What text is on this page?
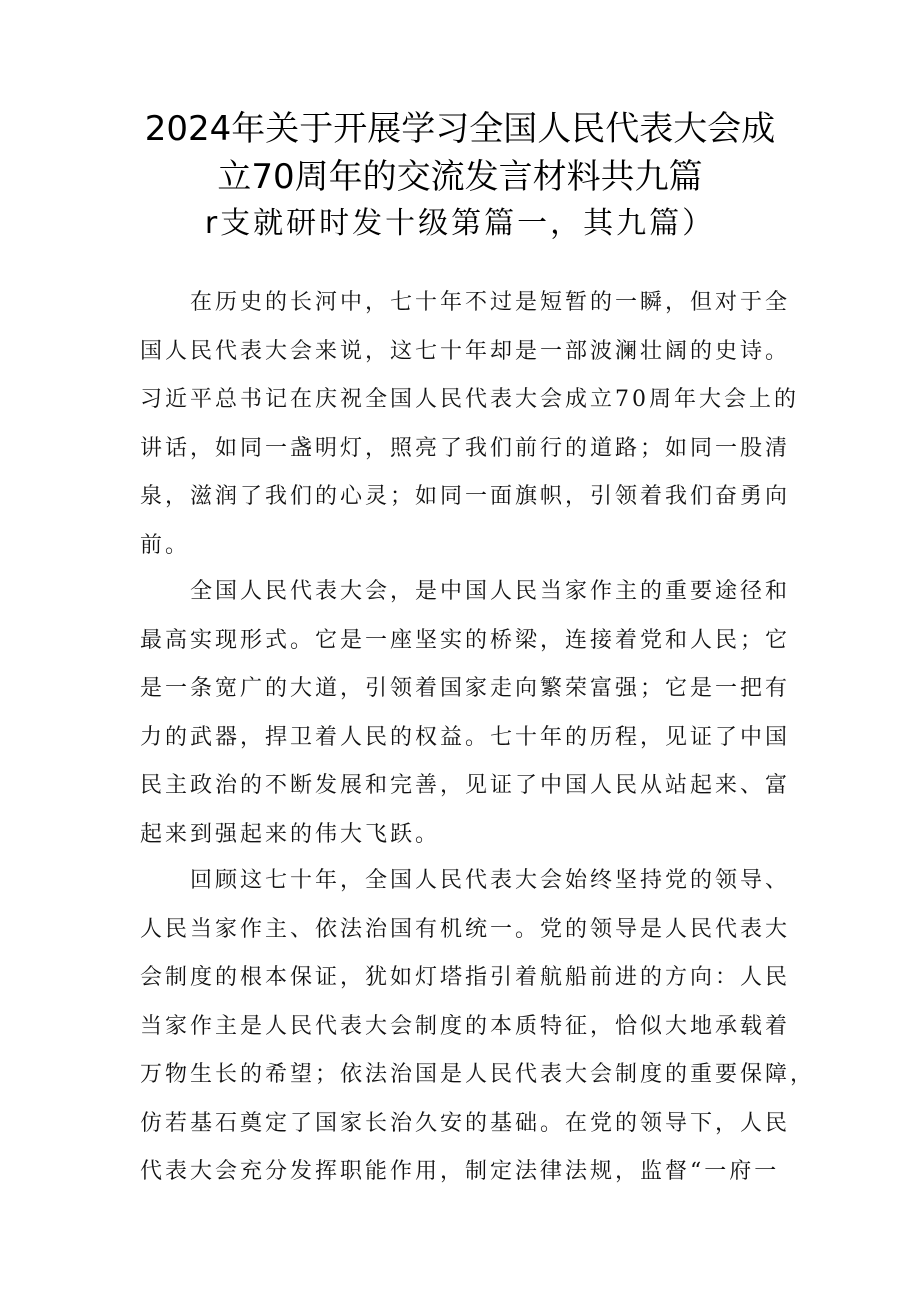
2024年关于开展学习全国人民代表大会成
立70周年的交流发言材料共九篇
r支就研时发十级第篇一，其九篇）
　　在历史的长河中，七十年不过是短暂的一瞬，但对于全
国人民代表大会来说，这七十年却是一部波澜壮阔的史诗。
习近平总书记在庆祝全国人民代表大会成立70周年大会上的
讲话，如同一盏明灯，照亮了我们前行的道路；如同一股清
泉，滋润了我们的心灵；如同一面旗帜，引领着我们奋勇向
前。
　　全国人民代表大会，是中国人民当家作主的重要途径和
最高实现形式。它是一座坚实的桥梁，连接着党和人民；它
是一条宽广的大道，引领着国家走向繁荣富强；它是一把有
力的武器，捍卫着人民的权益。七十年的历程，见证了中国
民主政治的不断发展和完善，见证了中国人民从站起来、富
起来到强起来的伟大飞跃。
　　回顾这七十年，全国人民代表大会始终坚持党的领导、
人民当家作主、依法治国有机统一。党的领导是人民代表大
会制度的根本保证，犹如灯塔指引着航船前进的方向：人民
当家作主是人民代表大会制度的本质特征，恰似大地承载着
万物生长的希望；依法治国是人民代表大会制度的重要保障，
仿若基石奠定了国家长治久安的基础。在党的领导下，人民
代表大会充分发挥职能作用，制定法律法规，监督“一府一
